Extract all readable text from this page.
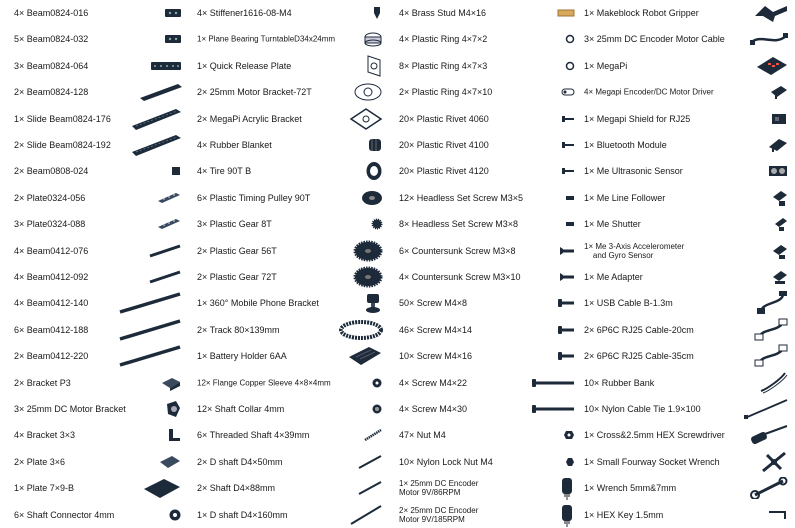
4× Beam0824-016
5× Beam0824-032
3× Beam0824-064
2× Beam0824-128
1× Slide Beam0824-176
2× Slide Beam0824-192
2× Beam0808-024
2× Plate0324-056
3× Plate0324-088
4× Beam0412-076
4× Beam0412-092
4× Beam0412-140
6× Beam0412-188
2× Beam0412-220
2× Bracket P3
3× 25mm DC Motor Bracket
4× Bracket 3×3
2× Plate 3×6
1× Plate 7×9-B
6× Shaft Connector 4mm
4× Stiffener1616-08-M4
1× Plane Bearing TurntableD34x24mm
1× Quick Release Plate
2× 25mm Motor Bracket-72T
2× MegaPi Acrylic Bracket
4× Rubber Blanket
4× Tire 90T B
6× Plastic Timing Pulley 90T
3× Plastic Gear 8T
2× Plastic Gear 56T
2× Plastic Gear 72T
1× 360° Mobile Phone Bracket
2× Track 80×139mm
1× Battery Holder 6AA
12× Flange Copper Sleeve 4×8×4mm
12× Shaft Collar 4mm
6× Threaded Shaft 4×39mm
2× D shaft D4×50mm
2× Shaft D4×88mm
1× D shaft D4×160mm
4× Brass Stud M4×16
4× Plastic Ring 4×7×2
8× Plastic Ring 4×7×3
2× Plastic Ring 4×7×10
20× Plastic Rivet 4060
20× Plastic Rivet 4100
20× Plastic Rivet 4120
12× Headless Set Screw M3×5
8× Headless Set Screw M3×8
6× Countersunk Screw M3×8
4× Countersunk Screw M3×10
50× Screw M4×8
46× Screw M4×14
10× Screw M4×16
4× Screw M4×22
4× Screw M4×30
47× Nut M4
10× Nylon Lock Nut M4
1× 25mm DC Encoder
Motor 9V/86RPM
2× 25mm DC Encoder
Motor 9V/185RPM
1× Makeblock Robot Gripper
3× 25mm DC Encoder Motor Cable
1× MegaPi
4× Megapi Encoder/DC Motor Driver
1× Megapi Shield for RJ25
1× Bluetooth Module
1× Me Ultrasonic Sensor
1× Me Line Follower
1× Me Shutter
1× Me 3-Axis Accelerometer
and Gyro Sensor
1× Me Adapter
1× USB Cable B-1.3m
2× 6P6C RJ25 Cable-20cm
2× 6P6C RJ25 Cable-35cm
10× Rubber Bank
10× Nylon Cable Tie 1.9×100
1× Cross&2.5mm HEX Screwdriver
1× Small Fourway Socket Wrench
1× Wrench 5mm&7mm
1× HEX Key 1.5mm
